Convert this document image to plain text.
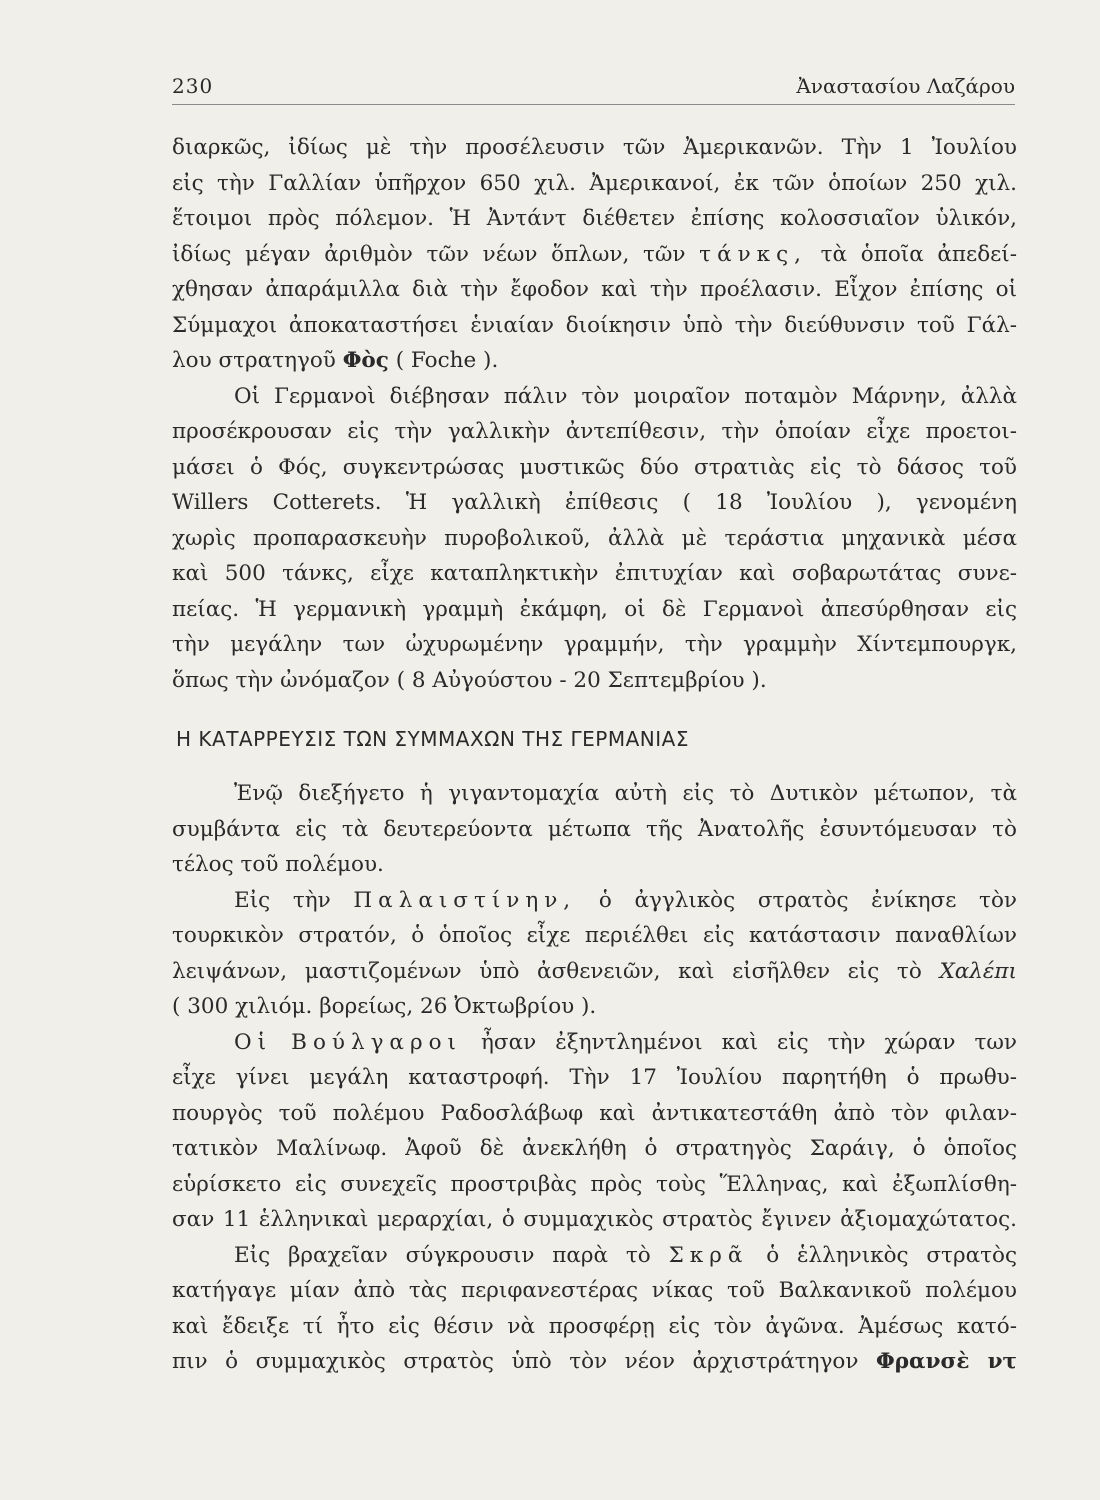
230	Ἀναστασίου Λαζάρου
διαρκῶς, ἰδίως μὲ τὴν προσέλευσιν τῶν Ἀμερικανῶν. Τὴν 1 Ἰουλίου
εἰς τὴν Γαλλίαν ὑπῆρχον 650 χιλ. Ἀμερικανοί, ἐκ τῶν ὁποίων 250 χιλ.
ἕτοιμοι πρὸς πόλεμον. Ἡ Ἀντάντ διέθετεν ἐπίσης κολοσσιαῖον ὑλικόν,
ἰδίως μέγαν ἀριθμὸν τῶν νέων ὅπλων, τῶν τάνκς, τὰ ὁποῖα ἀπεδεί-
χθησαν ἀπαράμιλλα διὰ τὴν ἔφοδον καὶ τὴν προέλασιν. Εἶχον ἐπίσης οἱ
Σύμμαχοι ἀποκαταστήσει ἑνιαίαν διοίκησιν ὑπὸ τὴν διεύθυνσιν τοῦ Γάλ-
λου στρατηγοῦ Φὸς ( Foche ).
Οἱ Γερμανοὶ διέβησαν πάλιν τὸν μοιραῖον ποταμὸν Μάρνην, ἀλλὰ
προσέκρουσαν εἰς τὴν γαλλικὴν ἀντεπίθεσιν, τὴν ὁποίαν εἶχε προετοι-
μάσει ὁ Φός, συγκεντρώσας μυστικῶς δύο στρατιὰς εἰς τὸ δάσος τοῦ
Willers Cotterets. Ἡ γαλλικὴ ἐπίθεσις ( 18 Ἰουλίου ), γενομένη
χωρὶς προπαρασκευὴν πυροβολικοῦ, ἀλλὰ μὲ τεράστια μηχανικὰ μέσα
καὶ 500 τάνκς, εἶχε καταπληκτικὴν ἐπιτυχίαν καὶ σοβαρωτάτας συνε-
πείας. Ἡ γερμανικὴ γραμμὴ ἐκάμφη, οἱ δὲ Γερμανοὶ ἀπεσύρθησαν εἰς
τὴν μεγάλην των ὠχυρωμένην γραμμήν, τὴν γραμμὴν Χίντεμπουργκ,
ὅπως τὴν ὠνόμαζον ( 8 Αὐγούστου - 20 Σεπτεμβρίου ).
Η ΚΑΤΑΡΡΕΥΣΙΣ ΤΩΝ ΣΥΜΜΑΧΩΝ ΤΗΣ ΓΕΡΜΑΝΙΑΣ
Ἐνῷ διεξήγετο ἡ γιγαντομαχία αὐτὴ εἰς τὸ Δυτικὸν μέτωπον, τὰ
συμβάντα εἰς τὰ δευτερεύοντα μέτωπα τῆς Ἀνατολῆς ἐσυντόμευσαν τὸ
τέλος τοῦ πολέμου.
Εἰς τὴν Παλαιστίνην, ὁ ἀγγλικὸς στρατὸς ἐνίκησε τὸν
τουρκικὸν στρατόν, ὁ ὁποῖος εἶχε περιέλθει εἰς κατάστασιν παναθλίων
λειψάνων, μαστιζομένων ὑπὸ ἀσθενειῶν, καὶ εἰσῆλθεν εἰς τὸ Χαλέπι
( 300 χιλιόμ. βορείως, 26 Ὀκτωβρίου ).
Οἱ Βούλγαροι ἦσαν ἐξηντλημένοι καὶ εἰς τὴν χώραν των
εἶχε γίνει μεγάλη καταστροφή. Τὴν 17 Ἰουλίου παρητήθη ὁ πρωθυ-
πουργὸς τοῦ πολέμου Ραδοσλάβωφ καὶ ἀντικατεστάθη ἀπὸ τὸν φιλαν-
τατικὸν Μαλίνωφ. Ἀφοῦ δὲ ἀνεκλήθη ὁ στρατηγὸς Σαράιγ, ὁ ὁποῖος
εὑρίσκετο εἰς συνεχεῖς προστριβὰς πρὸς τοὺς Ἕλληνας, καὶ ἐξωπλίσθη-
σαν 11 ἑλληνικαὶ μεραρχίαι, ὁ συμμαχικὸς στρατὸς ἔγινεν ἀξιομαχώτατος.
Εἰς βραχεῖαν σύγκρουσιν παρὰ τὸ Σκρᾶ ὁ ἑλληνικὸς στρατὸς
κατήγαγε μίαν ἀπὸ τὰς περιφανεστέρας νίκας τοῦ Βαλκανικοῦ πολέμου
καὶ ἔδειξε τί ἦτο εἰς θέσιν νὰ προσφέρῃ εἰς τὸν ἀγῶνα. Ἀμέσως κατό-
πιν ὁ συμμαχικὸς στρατὸς ὑπὸ τὸν νέον ἀρχιστράτηγον Φρανσὲ ντ
